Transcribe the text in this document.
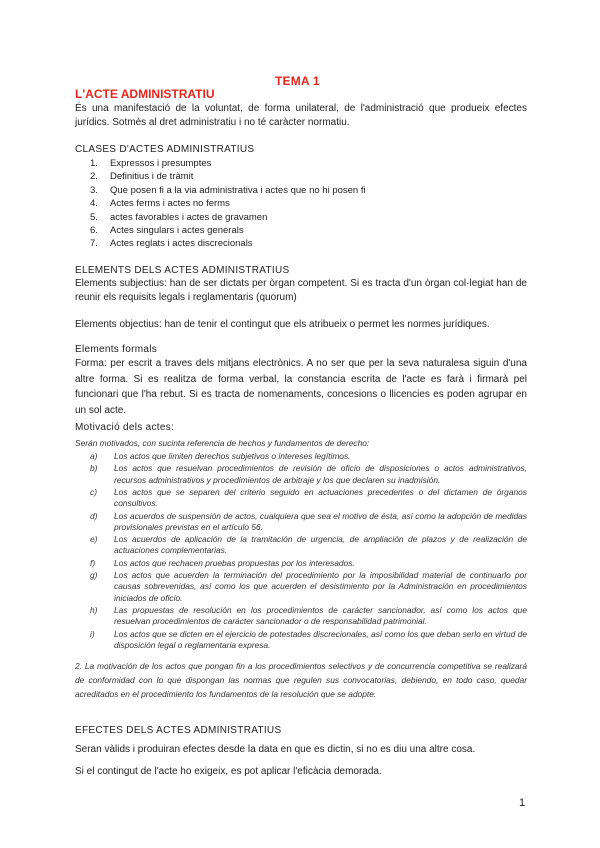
TEMA 1
L'ACTE ADMINISTRATIU

És una manifestació de la voluntat, de forma unilateral, de l'administració que produeix efectes jurídics. Sotmès al dret administratiu i no té caràcter normatiu.

CLASES D'ACTES ADMINISTRATIUS
1. Expressos i presumptes
2. Definitius i de tràmit
3. Que posen fi a la via administrativa i actes que no hi posen fi
4. Actes ferms i actes no ferms
5. actes favorables i actes de gravamen
6. Actes singulars i actes generals
7. Actes reglats i actes discrecionals
ELEMENTS DELS ACTES ADMINISTRATIUS

Elements subjectius: han de ser dictats per òrgan competent. Si es tracta d'un òrgan col·legiat han de reunir els requisits legals i reglamentaris (quorum)

Elements objectius: han de tenir el contingut que els atribueix o permet les normes jurídiques.

Elements formals

Forma: per escrit a traves dels mitjans electrònics. A no ser que per la seva naturalesa siguin d'una altre forma. Si es realitza de forma verbal, la constancia escrita de l'acte es farà i firmarà pel funcionari que l'ha rebut. Si es tracta de nomenaments, concesions o llicencies es poden agrupar en un sol acte.

Motivació dels actes:
Serán motivados, con sucinta referencia de hechos y fundamentos de derecho:
a) Los actos que limiten derechos subjetivos o intereses legítimos.
b) Los actos que resuelvan procedimientos de revisión de oficio de disposiciones o actos administrativos, recursos administrativos y procedimientos de arbitraje y los que declaren su inadmisión.
c) Los actos que se separen del criterio seguido en actuaciones precedentes o del dictamen de órganos consultivos.
d) Los acuerdos de suspensión de actos, cualquiera que sea el motivo de ésta, así como la adopción de medidas provisionales previstas en el artículo 56.
e) Los acuerdos de aplicación de la tramitación de urgencia, de ampliación de plazos y de realización de actuaciones complementarias.
f) Los actos que rechacen pruebas propuestas por los interesados.
g) Los actos que acuerden la terminación del procedimiento por la imposibilidad material de continuarlo por causas sobrevenidas, así como los que acuerden el desistimiento por la Administración en procedimientos iniciados de oficio.
h) Las propuestas de resolución en los procedimientos de carácter sancionador, así como los actos que resuelvan procedimientos de carácter sancionador o de responsabilidad patrimonial.
i) Los actos que se dicten en el ejercicio de potestades discrecionales, así como los que deban serlo en virtud de disposición legal o reglamentaria expresa.

2. La motivación de los actos que pongan fin a los procedimientos selectivos y de concurrencia competitiva se realizará de conformidad con lo que dispongan las normas que regulen sus convocatorias, debiendo, en todo caso, quedar acreditados en el procedimiento los fundamentos de la resolución que se adopte.

EFECTES DELS ACTES ADMINISTRATIUS

Seran vàlids i produiran efectes desde la data en que es dictin, si no es diu una altre cosa.

Si el contingut de l'acte ho exigeix, es pot aplicar l'eficàcia demorada.

1
